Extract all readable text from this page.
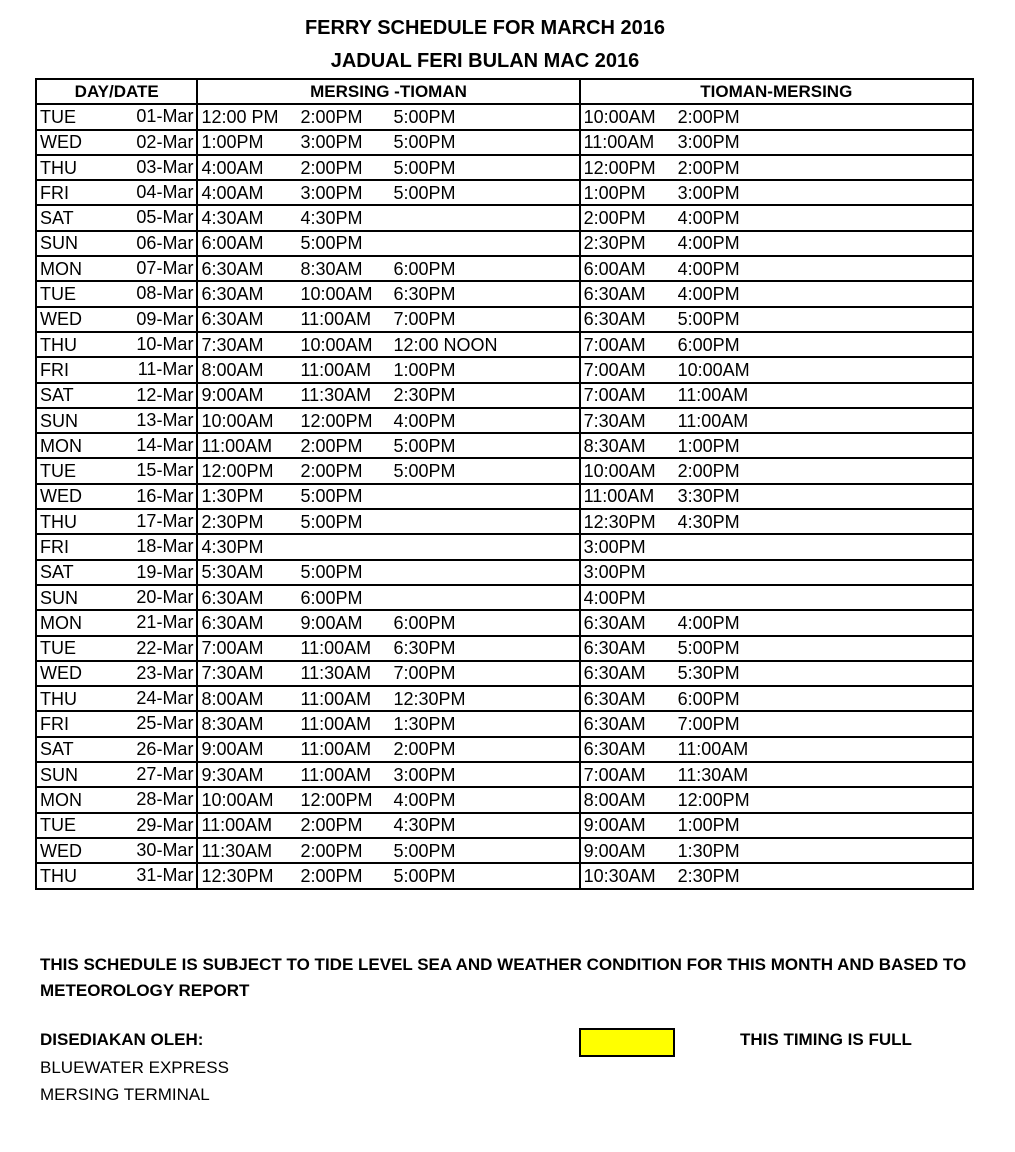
FERRY SCHEDULE FOR MARCH 2016
JADUAL FERI BULAN MAC 2016
DAY/DATE	MERSING -TIOMAN	TIOMAN-MERSING
TUE 01-Mar	12:00 PM 2:00PM 5:00PM	10:00AM 2:00PM
WED 02-Mar	1:00PM 3:00PM 5:00PM	11:00AM 3:00PM
THU 03-Mar	4:00AM 2:00PM 5:00PM	12:00PM 2:00PM
FRI 04-Mar	4:00AM 3:00PM 5:00PM	1:00PM 3:00PM
SAT 05-Mar	4:30AM 4:30PM	2:00PM 4:00PM
SUN 06-Mar	6:00AM 5:00PM	2:30PM 4:00PM
MON 07-Mar	6:30AM 8:30AM 6:00PM	6:00AM 4:00PM
TUE 08-Mar	6:30AM 10:00AM 6:30PM	6:30AM 4:00PM
WED 09-Mar	6:30AM 11:00AM 7:00PM	6:30AM 5:00PM
THU 10-Mar	7:30AM 10:00AM 12:00 NOON	7:00AM 6:00PM
FRI 11-Mar	8:00AM 11:00AM 1:00PM	7:00AM 10:00AM
SAT 12-Mar	9:00AM 11:30AM 2:30PM	7:00AM 11:00AM
SUN 13-Mar	10:00AM 12:00PM 4:00PM	7:30AM 11:00AM
MON 14-Mar	11:00AM 2:00PM 5:00PM	8:30AM 1:00PM
TUE 15-Mar	12:00PM 2:00PM 5:00PM	10:00AM 2:00PM
WED 16-Mar	1:30PM 5:00PM	11:00AM 3:30PM
THU 17-Mar	2:30PM 5:00PM	12:30PM 4:30PM
FRI 18-Mar	4:30PM	3:00PM
SAT 19-Mar	5:30AM 5:00PM	3:00PM
SUN 20-Mar	6:30AM 6:00PM	4:00PM
MON 21-Mar	6:30AM 9:00AM 6:00PM	6:30AM 4:00PM
TUE 22-Mar	7:00AM 11:00AM 6:30PM	6:30AM 5:00PM
WED 23-Mar	7:30AM 11:30AM 7:00PM	6:30AM 5:30PM
THU 24-Mar	8:00AM 11:00AM 12:30PM	6:30AM 6:00PM
FRI 25-Mar	8:30AM 11:00AM 1:30PM	6:30AM 7:00PM
SAT 26-Mar	9:00AM 11:00AM 2:00PM	6:30AM 11:00AM
SUN 27-Mar	9:30AM 11:00AM 3:00PM	7:00AM 11:30AM
MON 28-Mar	10:00AM 12:00PM 4:00PM	8:00AM 12:00PM
TUE 29-Mar	11:00AM 2:00PM 4:30PM	9:00AM 1:00PM
WED 30-Mar	11:30AM 2:00PM 5:00PM	9:00AM 1:30PM
THU 31-Mar	12:30PM 2:00PM 5:00PM	10:30AM 2:30PM
THIS SCHEDULE IS SUBJECT TO TIDE LEVEL SEA AND WEATHER CONDITION FOR THIS MONTH AND BASED TO METEOROLOGY REPORT
DISEDIAKAN OLEH:
BLUEWATER EXPRESS
MERSING TERMINAL
THIS TIMING IS FULL
